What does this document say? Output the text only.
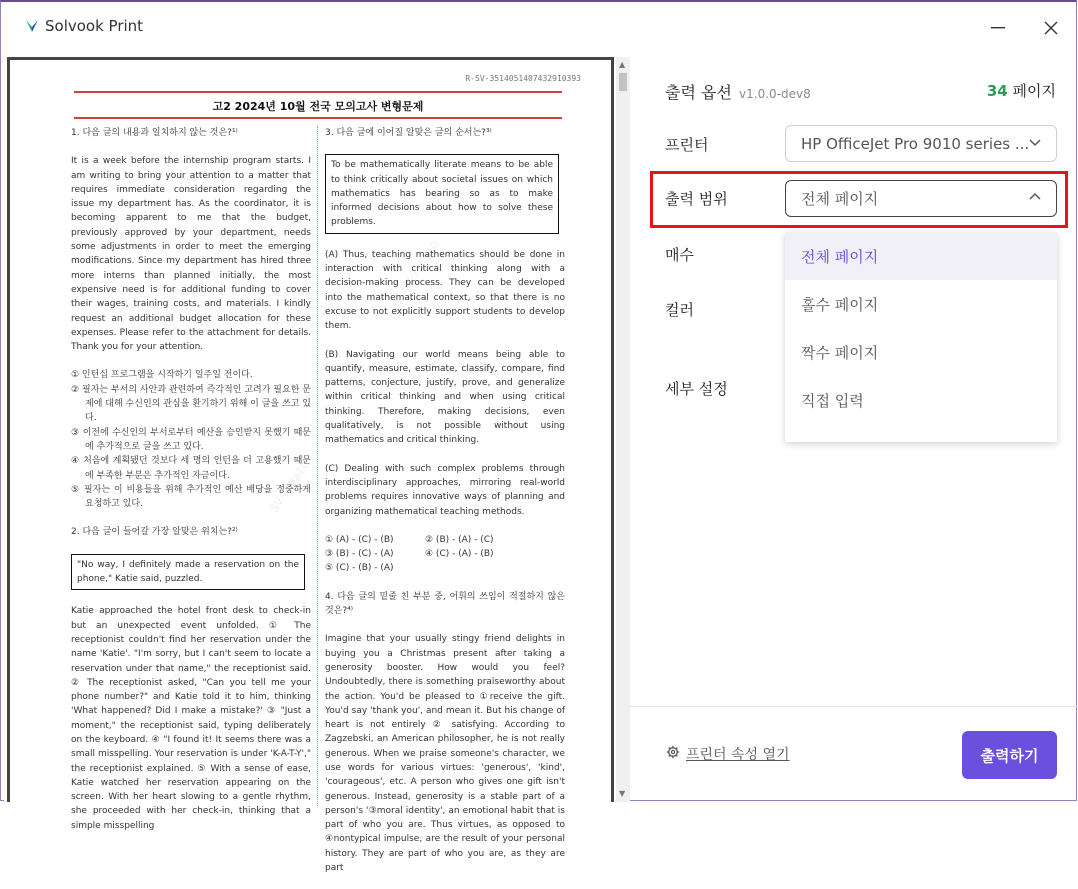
Solvook Print
R-SV-3514051407432910393
고2 2024년 10월 전국 모의고사 변형문제
SV-7a8a10
SV-7a8a10
SV-7a8a10
1. 다음 글의 내용과 일치하지 않는 것은?¹⁾

It is a week before the internship program starts. I am writing to bring your attention to a matter that requires immediate consideration regarding the issue my department has. As the coordinator, it is becoming apparent to me that the budget, previously approved by your department, needs some adjustments in order to meet the emerging modifications. Since my department has hired three more interns than planned initially, the most expensive need is for additional funding to cover their wages, training costs, and materials. I kindly request an additional budget allocation for these expenses. Please refer to the attachment for details. Thank you for your attention.

① 인턴십 프로그램을 시작하기 일주일 전이다.
② 필자는 부서의 사안과 관련하여 즉각적인 고려가 필요한 문제에 대해 수신인의 관심을 환기하기 위해 이 글을 쓰고 있다.
③ 이전에 수신인의 부서로부터 예산을 승인받지 못했기 때문에 추가적으로 글을 쓰고 있다.
④ 처음에 계획됐던 것보다 세 명의 인턴을 더 고용했기 때문에 부족한 부분은 추가적인 자금이다.
⑤ 필자는 이 비용들을 위해 추가적인 예산 배당을 정중하게 요청하고 있다.
2. 다음 글이 들어갈 가장 알맞은 위치는?²⁾
"No way, I definitely made a reservation on the phone," Katie said, puzzled.

Katie approached the hotel front desk to check-in but an unexpected event unfolded. ① The receptionist couldn't find her reservation under the name 'Katie'. "I'm sorry, but I can't seem to locate a reservation under that name," the receptionist said. ② The receptionist asked, "Can you tell me your phone number?" and Katie told it to him, thinking 'What happened? Did I make a mistake?' ③ "Just a moment," the receptionist said, typing deliberately on the keyboard. ④ "I found it! It seems there was a small misspelling. Your reservation is under 'K-A-T-Y'," the receptionist explained. ⑤ With a sense of ease, Katie watched her reservation appearing on the screen. With her heart slowing to a gentle rhythm, she proceeded with her check-in, thinking that a simple misspelling

3. 다음 글에 이어질 알맞은 글의 순서는?³⁾
To be mathematically literate means to be able to think critically about societal issues on which mathematics has bearing so as to make informed decisions about how to solve these problems.

(A) Thus, teaching mathematics should be done in interaction with critical thinking along with a decision-making process. They can be developed into the mathematical context, so that there is no excuse to not explicitly support students to develop them.

(B) Navigating our world means being able to quantify, measure, estimate, classify, compare, find patterns, conjecture, justify, prove, and generalize within critical thinking and when using critical thinking. Therefore, making decisions, even qualitatively, is not possible without using mathematics and critical thinking.

(C) Dealing with such complex problems through interdisciplinary approaches, mirroring real-world problems requires innovative ways of planning and organizing mathematical teaching methods.

① (A) - (C) - (B)	② (B) - (A) - (C)
③ (B) - (C) - (A)	④ (C) - (A) - (B)
⑤ (C) - (B) - (A)
4. 다음 글의 밑줄 친 부분 중, 어휘의 쓰임이 적절하지 않은 것은?⁴⁾

Imagine that your usually stingy friend delights in buying you a Christmas present after taking a generosity booster. How would you feel? Undoubtedly, there is something praiseworthy about the action. You'd be pleased to ①receive the gift. You'd say 'thank you', and mean it. But his change of heart is not entirely ② satisfying. According to Zagzebski, an American philosopher, he is not really generous. When we praise someone's character, we use words for various virtues: 'generous', 'kind', 'courageous', etc. A person who gives one gift isn't generous. Instead, generosity is a stable part of a person's '③moral identity', an emotional habit that is part of who you are. Thus virtues, as opposed to ④nontypical impulse, are the result of your personal history. They are part of who you are, as they are part

▲
▼
출력 옵션 v1.0.0-dev8	34 페이지
프린터	HP OfficeJet Pro 9010 series ...
출력 범위	전체 페이지
매수
컬러
세부 설정
전체 페이지
홀수 페이지
짝수 페이지
직접 입력
프린터 속성 열기	출력하기
